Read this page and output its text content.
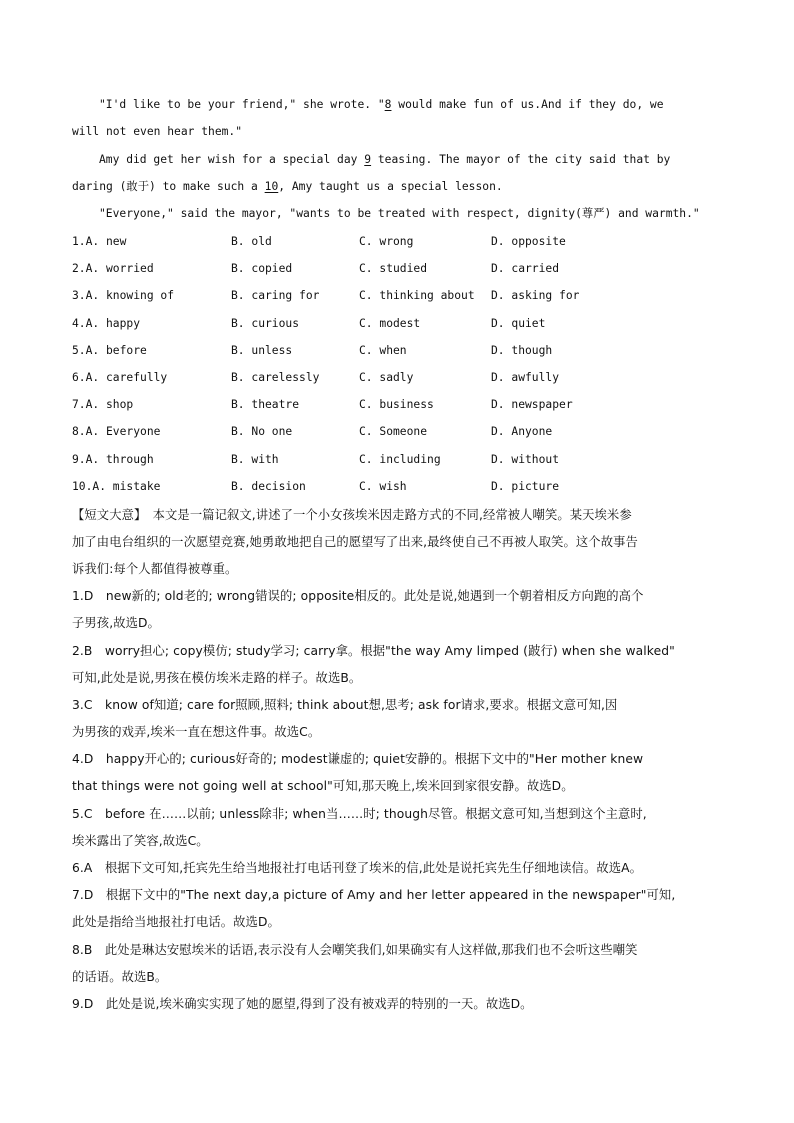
"I'd like to be your friend," she wrote. "8 would make fun of us.And if they do, we
will not even hear them."
Amy did get her wish for a special day 9 teasing. The mayor of the city said that by
daring (敢于) to make such a 10, Amy taught us a special lesson.
"Everyone," said the mayor, "wants to be treated with respect, dignity(尊严) and warmth."
1.A. new	B. old	C. wrong	D. opposite
2.A. worried	B. copied	C. studied	D. carried
3.A. knowing of	B. caring for	C. thinking about D. asking for
4.A. happy	B. curious	C. modest	D. quiet
5.A. before	B. unless	C. when	D. though
6.A. carefully	B. carelessly	C. sadly	D. awfully
7.A. shop	B. theatre	C. business	D. newspaper
8.A. Everyone	B. No one	C. Someone	D. Anyone
9.A. through	B. with	C. including	D. without
10.A. mistake	B. decision	C. wish	D. picture
【短文大意】　本文是一篇记叙文,讲述了一个小女孩埃米因走路方式的不同,经常被人嘲笑。某天埃米参
加了由电台组织的一次愿望竞赛,她勇敢地把自己的愿望写了出来,最终使自己不再被人取笑。这个故事告
诉我们:每个人都值得被尊重。
1.D　new新的; old老的; wrong错误的; opposite相反的。此处是说,她遇到一个朝着相反方向跑的高个
子男孩,故选D。
2.B　worry担心; copy模仿; study学习; carry拿。根据"the way Amy limped (跛行) when she walked"
可知,此处是说,男孩在模仿埃米走路的样子。故选B。
3.C　know of知道; care for照顾,照料; think about想,思考; ask for请求,要求。根据文意可知,因
为男孩的戏弄,埃米一直在想这件事。故选C。
4.D　happy开心的; curious好奇的; modest谦虚的; quiet安静的。根据下文中的"Her mother knew
that things were not going well at school"可知,那天晚上,埃米回到家很安静。故选D。
5.C　before 在……以前; unless除非; when当……时; though尽管。根据文意可知,当想到这个主意时,
埃米露出了笑容,故选C。
6.A　根据下文可知,托宾先生给当地报社打电话刊登了埃米的信,此处是说托宾先生仔细地读信。故选A。
7.D　根据下文中的"The next day,a picture of Amy and her letter appeared in the newspaper"可知,
此处是指给当地报社打电话。故选D。
8.B　此处是琳达安慰埃米的话语,表示没有人会嘲笑我们,如果确实有人这样做,那我们也不会听这些嘲笑
的话语。故选B。
9.D　此处是说,埃米确实实现了她的愿望,得到了没有被戏弄的特别的一天。故选D。
